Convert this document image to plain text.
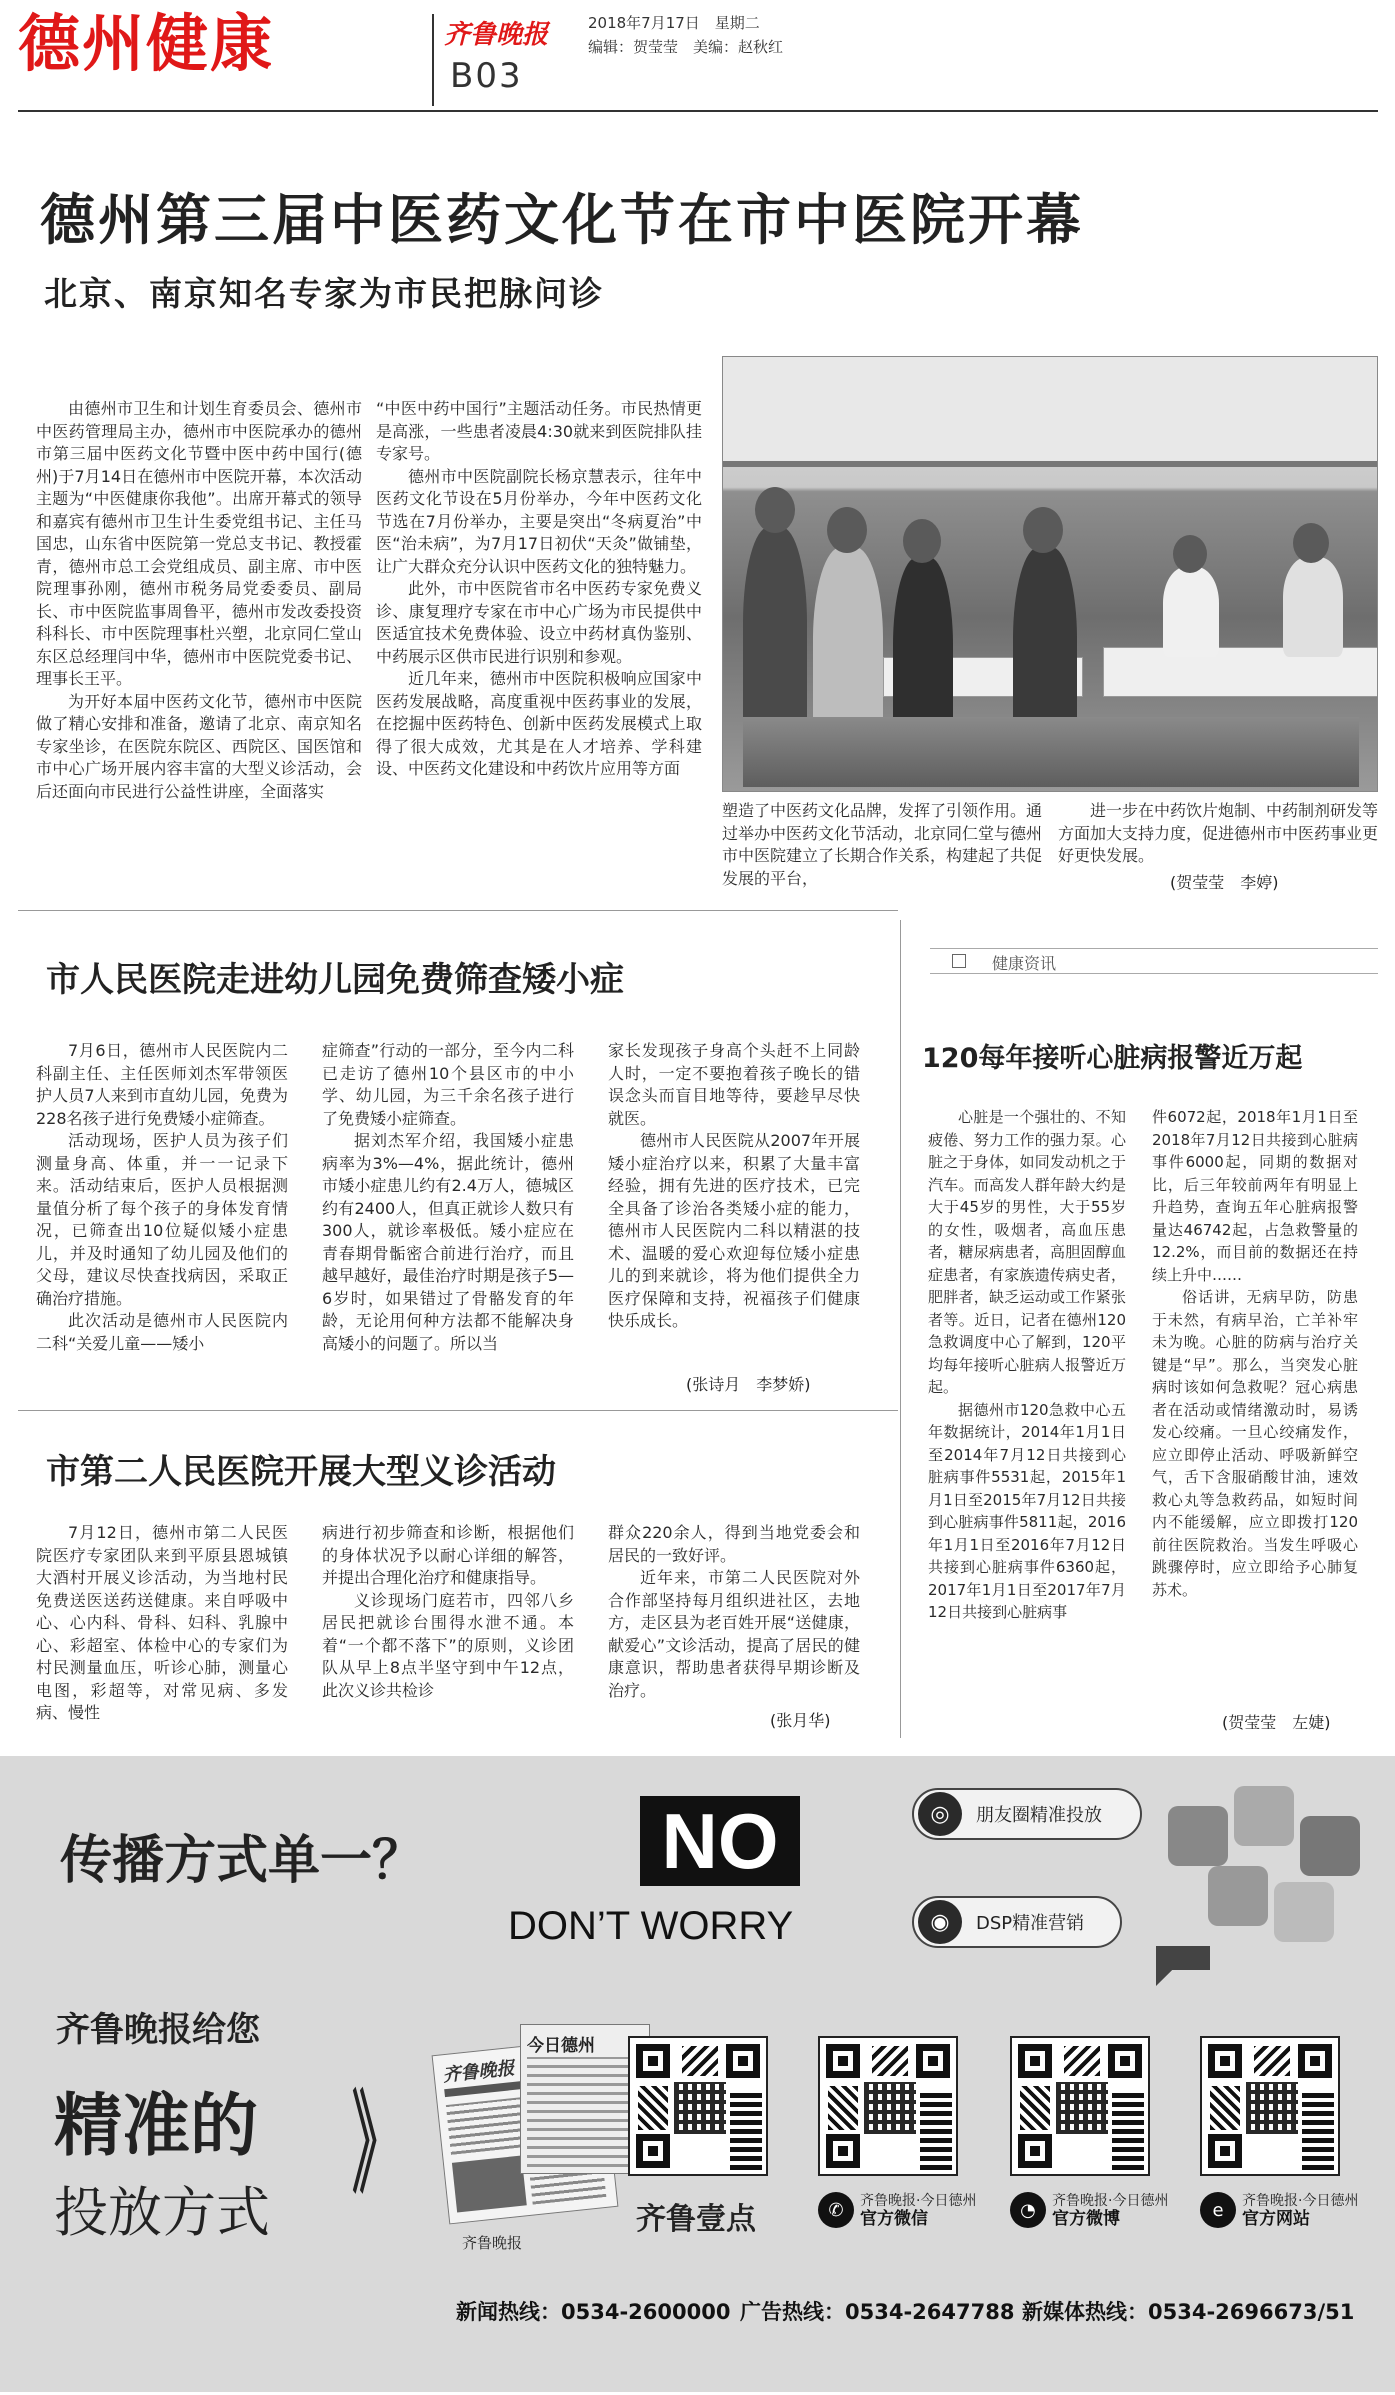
德州健康	齐鲁晚报
B03
2018年7月17日　星期二
编辑：贺莹莹　美编：赵秋红
德州第三届中医药文化节在市中医院开幕
北京、南京知名专家为市民把脉问诊

由德州市卫生和计划生育委员会、德州市中医药管理局主办，德州市中医院承办的德州市第三届中医药文化节暨中医中药中国行(德州)于7月14日在德州市中医院开幕，本次活动主题为“中医健康你我他”。出席开幕式的领导和嘉宾有德州市卫生计生委党组书记、主任马国忠，山东省中医院第一党总支书记、教授霍青，德州市总工会党组成员、副主席、市中医院理事孙刚，德州市税务局党委委员、副局长、市中医院监事周鲁平，德州市发改委投资科科长、市中医院理事杜兴塑，北京同仁堂山东区总经理闫中华，德州市中医院党委书记、理事长王平。

为开好本届中医药文化节，德州市中医院做了精心安排和准备，邀请了北京、南京知名专家坐诊，在医院东院区、西院区、国医馆和市中心广场开展内容丰富的大型义诊活动，会后还面向市民进行公益性讲座，全面落实

“中医中药中国行”主题活动任务。市民热情更是高涨，一些患者凌晨4:30就来到医院排队挂专家号。

德州市中医院副院长杨京慧表示，往年中医药文化节设在5月份举办，今年中医药文化节选在7月份举办，主要是突出“冬病夏治”中医“治未病”，为7月17日初伏“天灸”做铺垫，让广大群众充分认识中医药文化的独特魅力。

此外，市中医院省市名中医药专家免费义诊、康复理疗专家在市中心广场为市民提供中医适宜技术免费体验、设立中药材真伪鉴别、中药展示区供市民进行识别和参观。

近几年来，德州市中医院积极响应国家中医药发展战略，高度重视中医药事业的发展，在挖掘中医药特色、创新中医药发展模式上取得了很大成效，尤其是在人才培养、学科建设、中医药文化建设和中药饮片应用等方面

塑造了中医药文化品牌，发挥了引领作用。通过举办中医药文化节活动，北京同仁堂与德州市中医院建立了长期合作关系，构建起了共促发展的平台，

进一步在中药饮片炮制、中药制剂研发等方面加大支持力度，促进德州市中医药事业更好更快发展。

(贺莹莹　李婷)
市人民医院走进幼儿园免费筛查矮小症

7月6日，德州市人民医院内二科副主任、主任医师刘杰军带领医护人员7人来到市直幼儿园，免费为228名孩子进行免费矮小症筛查。

活动现场，医护人员为孩子们测量身高、体重，并一一记录下来。活动结束后，医护人员根据测量值分析了每个孩子的身体发育情况，已筛查出10位疑似矮小症患儿，并及时通知了幼儿园及他们的父母，建议尽快查找病因，采取正确治疗措施。

此次活动是德州市人民医院内二科“关爱儿童——矮小

症筛查”行动的一部分，至今内二科已走访了德州10个县区市的中小学、幼儿园，为三千余名孩子进行了免费矮小症筛查。

据刘杰军介绍，我国矮小症患病率为3%—4%，据此统计，德州市矮小症患儿约有2.4万人，德城区约有2400人，但真正就诊人数只有300人，就诊率极低。矮小症应在青春期骨骺密合前进行治疗，而且越早越好，最佳治疗时期是孩子5—6岁时，如果错过了骨骼发育的年龄，无论用何种方法都不能解决身高矮小的问题了。所以当

家长发现孩子身高个头赶不上同龄人时，一定不要抱着孩子晚长的错误念头而盲目地等待，要趁早尽快就医。

德州市人民医院从2007年开展矮小症治疗以来，积累了大量丰富经验，拥有先进的医疗技术，已完全具备了诊治各类矮小症的能力，德州市人民医院内二科以精湛的技术、温暖的爱心欢迎每位矮小症患儿的到来就诊，将为他们提供全力医疗保障和支持，祝福孩子们健康快乐成长。

(张诗月　李梦娇)
市第二人民医院开展大型义诊活动

7月12日，德州市第二人民医院医疗专家团队来到平原县恩城镇大酒村开展义诊活动，为当地村民免费送医送药送健康。来自呼吸中心、心内科、骨科、妇科、乳腺中心、彩超室、体检中心的专家们为村民测量血压，听诊心肺，测量心电图，彩超等，对常见病、多发病、慢性

病进行初步筛查和诊断，根据他们的身体状况予以耐心详细的解答，并提出合理化治疗和健康指导。

义诊现场门庭若市，四邻八乡居民把就诊台围得水泄不通。本着“一个都不落下”的原则，义诊团队从早上8点半坚守到中午12点，此次义诊共检诊

群众220余人，得到当地党委会和居民的一致好评。

近年来，市第二人民医院对外合作部坚持每月组织进社区，去地方，走区县为老百姓开展“送健康，献爱心”文诊活动，提高了居民的健康意识，帮助患者获得早期诊断及治疗。

(张月华)
健康资讯
120每年接听心脏病报警近万起

心脏是一个强壮的、不知疲倦、努力工作的强力泵。心脏之于身体，如同发动机之于汽车。而高发人群年龄大约是大于45岁的男性，大于55岁的女性，吸烟者，高血压患者，糖尿病患者，高胆固醇血症患者，有家族遗传病史者，肥胖者，缺乏运动或工作紧张者等。近日，记者在德州120急救调度中心了解到，120平均每年接听心脏病人报警近万起。

据德州市120急救中心五年数据统计，2014年1月1日至2014年7月12日共接到心脏病事件5531起，2015年1月1日至2015年7月12日共接到心脏病事件5811起，2016年1月1日至2016年7月12日共接到心脏病事件6360起，2017年1月1日至2017年7月12日共接到心脏病事

件6072起，2018年1月1日至2018年7月12日共接到心脏病事件6000起，同期的数据对比，后三年较前两年有明显上升趋势，查询五年心脏病报警量达46742起，占急救警量的12.2%，而目前的数据还在持续上升中……

俗话讲，无病早防，防患于未然，有病早治，亡羊补牢未为晚。心脏的防病与治疗关键是“早”。那么，当突发心脏病时该如何急救呢？冠心病患者在活动或情绪激动时，易诱发心绞痛。一旦心绞痛发作，应立即停止活动、呼吸新鲜空气，舌下含服硝酸甘油，速效救心丸等急救药品，如短时间内不能缓解，应立即拨打120前往医院救治。当发生呼吸心跳骤停时，应立即给予心肺复苏术。

(贺莹莹　左婕)
传播方式单一？	NO
DON’T WORRY
◎	朋友圈精准投放
◉	DSP精准营销
齐鲁晚报给您
精准的
投放方式
》
齐鲁晚报
今日德州
齐鲁晚报
齐鲁壹点	✆	齐鲁晚报·今日德州
官方微信	◔	齐鲁晚报·今日德州
官方微博	e	齐鲁晚报·今日德州
官方网站
新闻热线：0534-2600000 广告热线：0534-2647788 新媒体热线：0534-2696673/51
